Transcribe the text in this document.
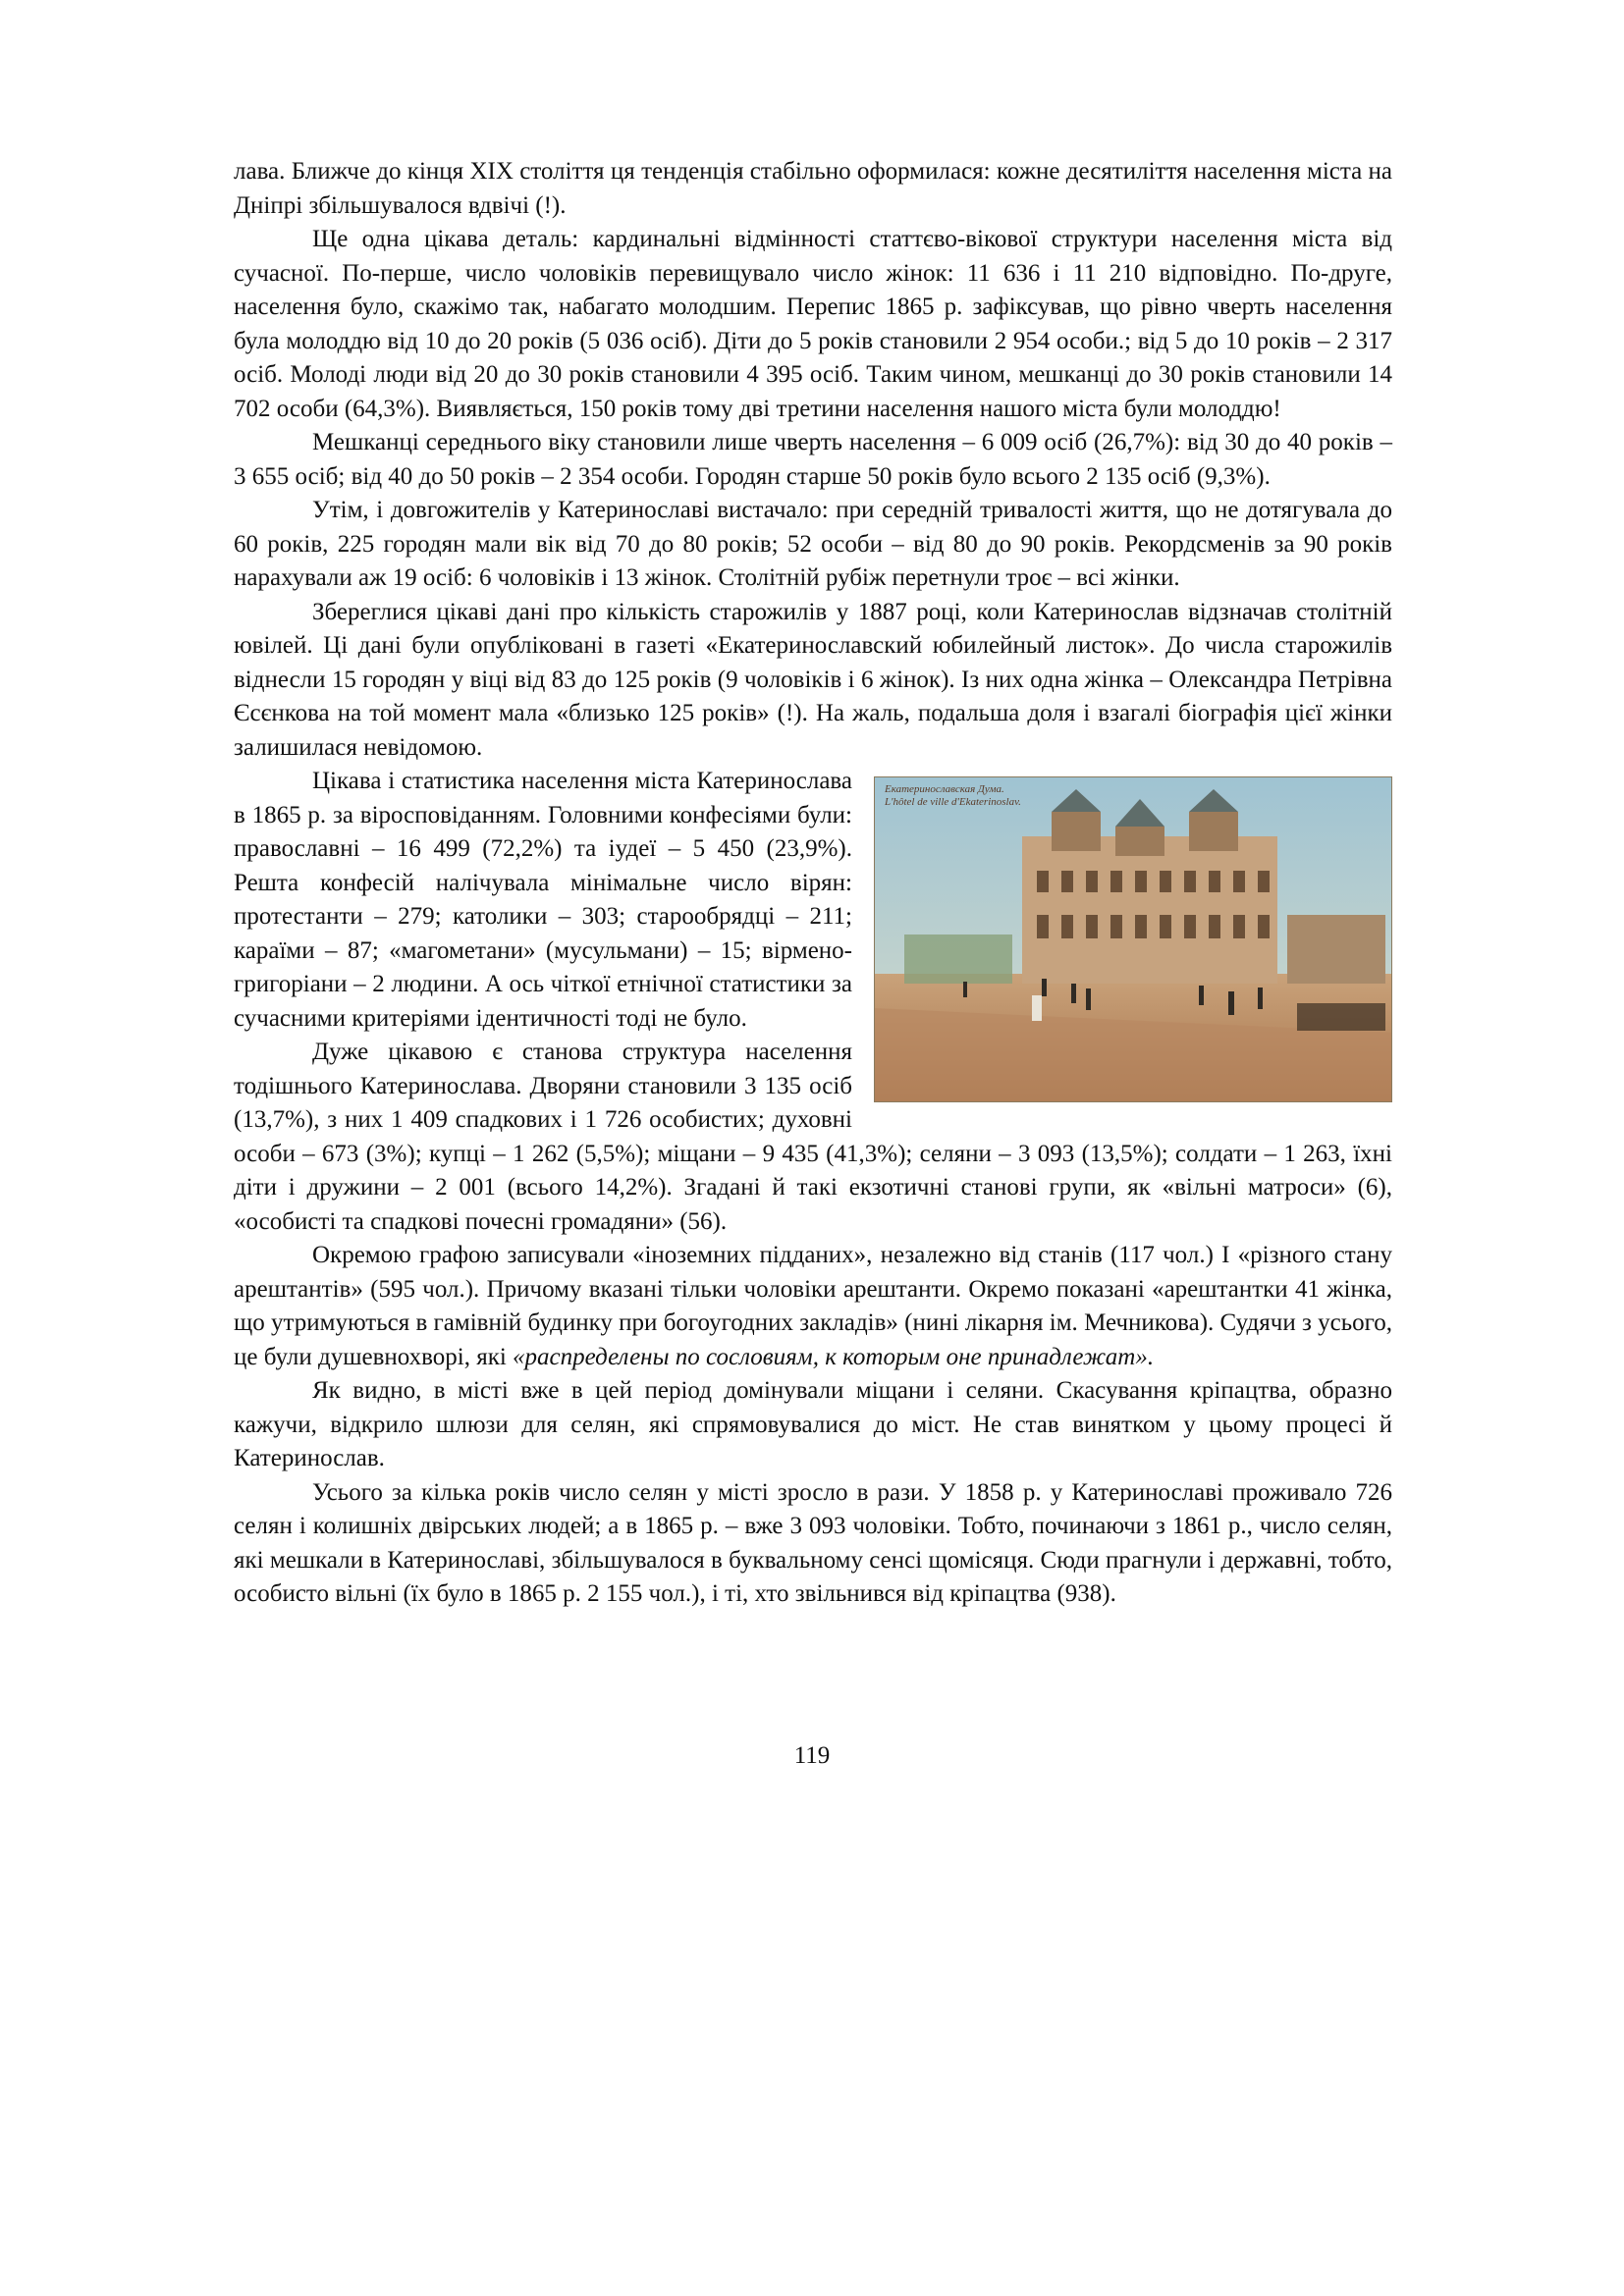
лава. Ближче до кінця XIX століття ця тенденція стабільно оформилася: кожне десятиліття населення міста на Дніпрі збільшувалося вдвічі (!).

Ще одна цікава деталь: кардинальні відмінності статтєво-вікової структури населення міста від сучасної. По-перше, число чоловіків перевищувало число жінок: 11 636 і 11 210 відповідно. По-друге, населення було, скажімо так, набагато молодшим. Перепис 1865 р. зафіксував, що рівно чверть населення була молоддю від 10 до 20 років (5 036 осіб). Діти до 5 років становили 2 954 особи.; від 5 до 10 років – 2 317 осіб. Молоді люди від 20 до 30 років становили 4 395 осіб. Таким чином, мешканці до 30 років становили 14 702 особи (64,3%). Виявляється, 150 років тому дві третини населення нашого міста були молоддю!

Мешканці середнього віку становили лише чверть населення – 6 009 осіб (26,7%): від 30 до 40 років – 3 655 осіб; від 40 до 50 років – 2 354 особи. Городян старше 50 років було всього 2 135 осіб (9,3%).

Утім, і довгожителів у Катеринославі вистачало: при середній тривалості життя, що не дотягувала до 60 років, 225 городян мали вік від 70 до 80 років; 52 особи – від 80 до 90 років. Рекордсменів за 90 років нарахували аж 19 осіб: 6 чоловіків і 13 жінок. Столітній рубіж перетнули троє – всі жінки.

Збереглися цікаві дані про кількість старожилів у 1887 році, коли Катеринослав відзначав столітній ювілей. Ці дані були опубліковані в газеті «Екатеринославский юбилейный листок». До числа старожилів віднесли 15 городян у віці від 83 до 125 років (9 чоловіків і 6 жінок). Із них одна жінка – Олександра Петрівна Єсєнкова на той момент мала «близько 125 років» (!). На жаль, подальша доля і взагалі біографія цієї жінки залишилася невідомою.

Екатеринославская Дума.
L'hôtel de ville d'Ekaterinoslav.

Цікава і статистика населення міста Катеринослава в 1865 р. за віросповіданням. Головними конфесіями були: православні – 16 499 (72,2%) та іудеї – 5 450 (23,9%). Решта конфесій налічувала мінімальне число вірян: протестанти – 279; католики – 303; старообрядці – 211; караїми – 87; «магометани» (мусульмани) – 15; вірмено-григоріани – 2 людини. А ось чіткої етнічної статистики за сучасними критеріями ідентичності тоді не було.

Дуже цікавою є станова структура населення тодішнього Катеринослава. Дворяни становили 3 135 осіб (13,7%), з них 1 409 спадкових і 1 726 особистих; духовні особи – 673 (3%); купці – 1 262 (5,5%); міщани – 9 435 (41,3%); селяни – 3 093 (13,5%); солдати – 1 263, їхні діти і дружини – 2 001 (всього 14,2%). Згадані й такі екзотичні станові групи, як «вільні матроси» (6), «особисті та спадкові почесні громадяни» (56).

Окремою графою записували «іноземних підданих», незалежно від станів (117 чол.) І «різного стану арештантів» (595 чол.). Причому вказані тільки чоловіки арештанти. Окремо показані «арештантки 41 жінка, що утримуються в гамівній будинку при богоугодних закладів» (нині лікарня ім. Мечникова). Судячи з усього, це були душевнохворі, які «распределены по сословиям, к которым оне принадлежат».

Як видно, в місті вже в цей період домінували міщани і селяни. Скасування кріпацтва, образно кажучи, відкрило шлюзи для селян, які спрямовувалися до міст. Не став винятком у цьому процесі й Катеринослав.

Усього за кілька років число селян у місті зросло в рази. У 1858 р. у Катеринославі проживало 726 селян і колишніх двірських людей; а в 1865 р. – вже 3 093 чоловіки. Тобто, починаючи з 1861 р., число селян, які мешкали в Катеринославі, збільшувалося в буквальному сенсі щомісяця. Сюди прагнули і державні, тобто, особисто вільні (їх було в 1865 р. 2 155 чол.), і ті, хто звільнився від кріпацтва (938).

119
